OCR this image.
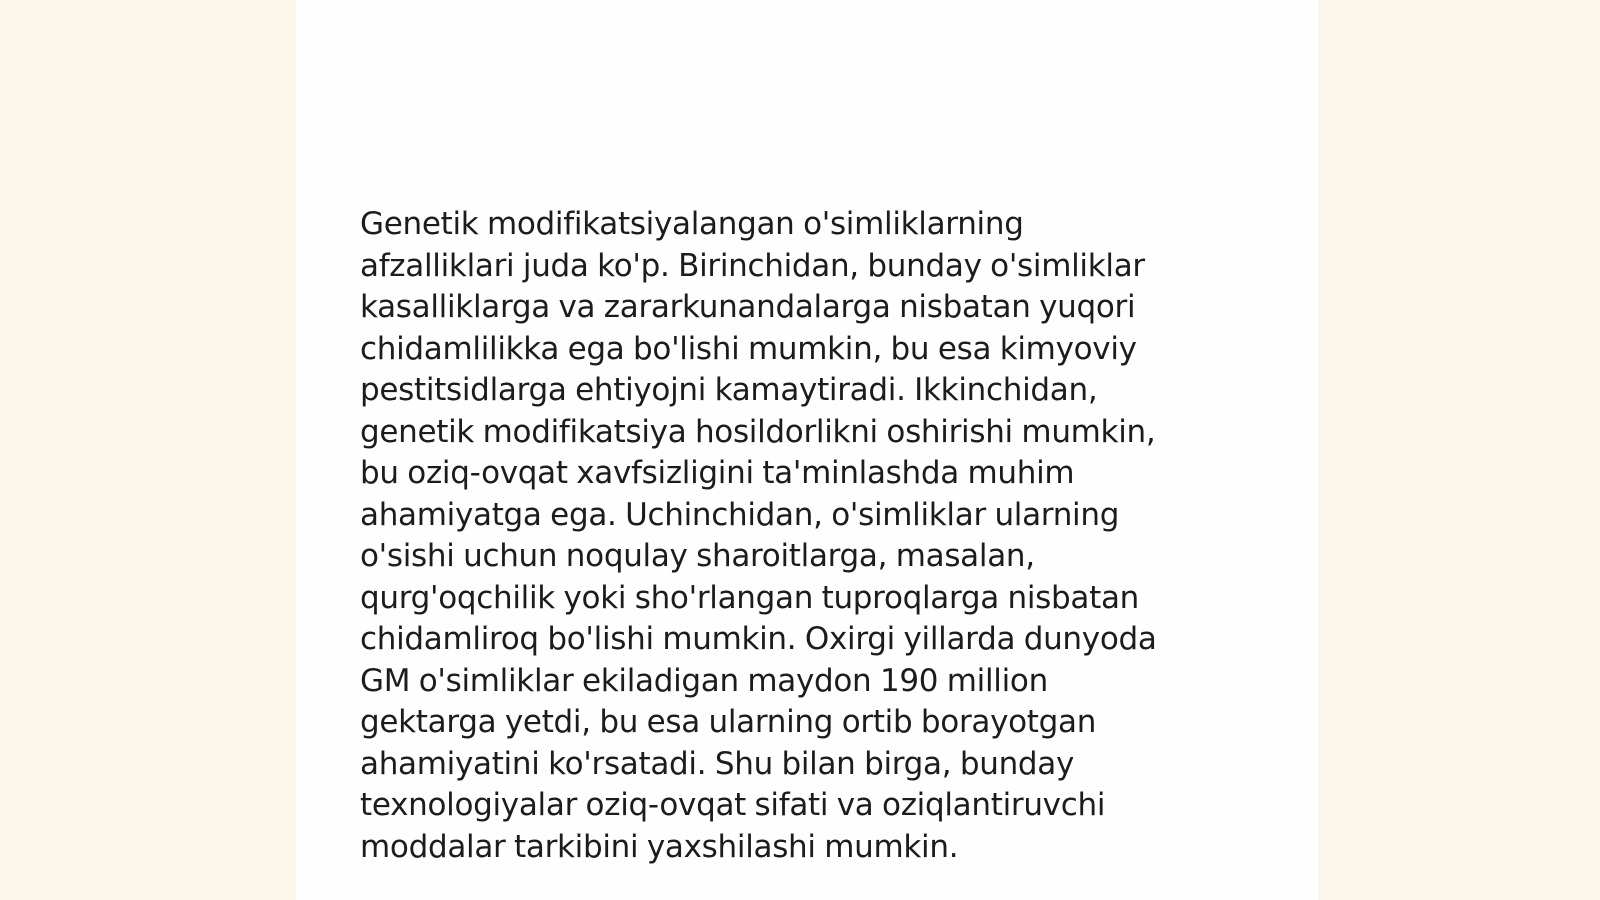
Genetik modifikatsiyalangan o'simliklarning
afzalliklari juda ko'p. Birinchidan, bunday o'simliklar
kasalliklarga va zararkunandalarga nisbatan yuqori
chidamlilikka ega bo'lishi mumkin, bu esa kimyoviy
pestitsidlarga ehtiyojni kamaytiradi. Ikkinchidan,
genetik modifikatsiya hosildorlikni oshirishi mumkin,
bu oziq-ovqat xavfsizligini ta'minlashda muhim
ahamiyatga ega. Uchinchidan, o'simliklar ularning
o'sishi uchun noqulay sharoitlarga, masalan,
qurg'oqchilik yoki sho'rlangan tuproqlarga nisbatan
chidamliroq bo'lishi mumkin. Oxirgi yillarda dunyoda
GM o'simliklar ekiladigan maydon 190 million
gektarga yetdi, bu esa ularning ortib borayotgan
ahamiyatini ko'rsatadi. Shu bilan birga, bunday
texnologiyalar oziq-ovqat sifati va oziqlantiruvchi
moddalar tarkibini yaxshilashi mumkin.
